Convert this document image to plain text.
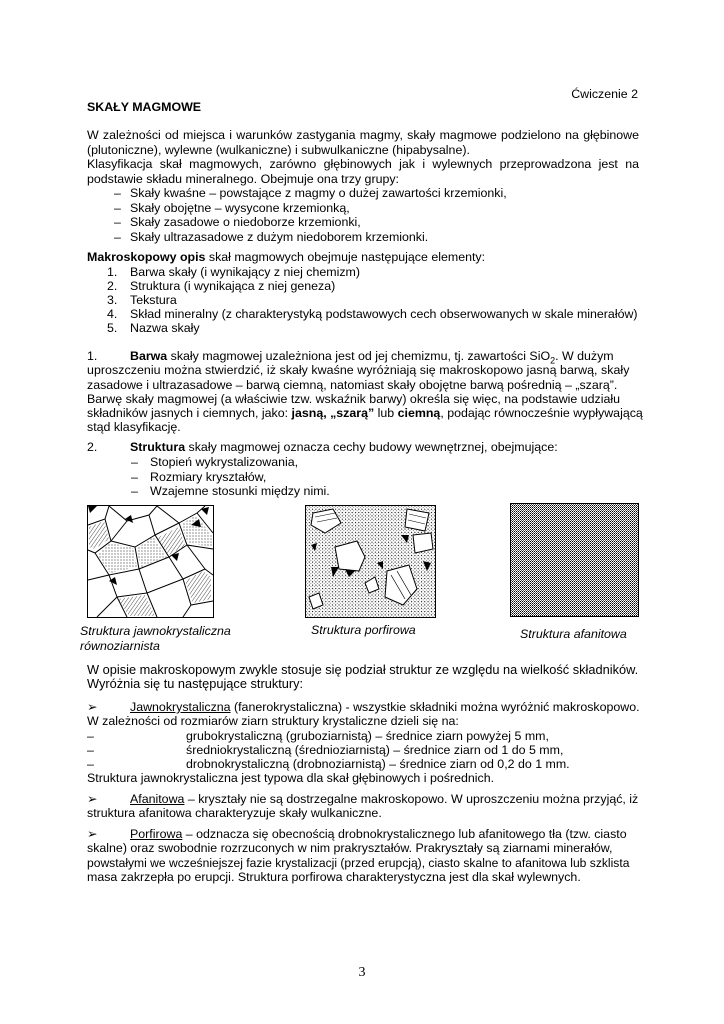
Ćwiczenie 2
SKAŁY MAGMOWE
W zależności od miejsca i warunków zastygania magmy, skały magmowe podzielono na głębinowe (plutoniczne), wylewne (wulkaniczne) i subwulkaniczne (hipabysalne).
Klasyfikacja skał magmowych, zarówno głębinowych jak i wylewnych przeprowadzona jest na podstawie składu mineralnego. Obejmuje ona trzy grupy:
– Skały kwaśne – powstające z magmy o dużej zawartości krzemionki,
– Skały obojętne – wysycone krzemionką,
– Skały zasadowe o niedoborze krzemionki,
– Skały ultrazasadowe z dużym niedoborem krzemionki.
Makroskopowy opis skał magmowych obejmuje następujące elementy:
1. Barwa skały (i wynikający z niej chemizm)
2. Struktura (i wynikająca z niej geneza)
3. Tekstura
4. Skład mineralny (z charakterystyką podstawowych cech obserwowanych w skale minerałów)
5. Nazwa skały
1.	Barwa skały magmowej uzależniona jest od jej chemizmu, tj. zawartości SiO$_2$. W dużym
uproszczeniu można stwierdzić, iż skały kwaśne wyróżniają się makroskopowo jasną barwą, skały
zasadowe i ultrazasadowe – barwą ciemną, natomiast skały obojętne barwą pośrednią – „szarą”.
Barwę skały magmowej (a właściwie tzw. wskaźnik barwy) określa się więc, na podstawie udziału
składników jasnych i ciemnych, jako: jasną, „szarą” lub ciemną, podając równocześnie wypływającą
stąd klasyfikację.
2.	Struktura skały magmowej oznacza cechy budowy wewnętrznej, obejmujące:
– Stopień wykrystalizowania,
– Rozmiary kryształów,
– Wzajemne stosunki między nimi.
Struktura jawnokrystaliczna
równoziarnista
Struktura porfirowa	Struktura afanitowa
W opisie makroskopowym zwykle stosuje się podział struktur ze względu na wielkość składników.
Wyróżnia się tu następujące struktury:
➢	Jawnokrystaliczna (fanerokrystaliczna) - wszystkie składniki można wyróżnić makroskopowo.
W zależności od rozmiarów ziarn struktury krystaliczne dzieli się na:
–	grubokrystaliczną (gruboziarnistą) – średnice ziarn powyżej 5 mm,
–	średniokrystaliczną (średnioziarnistą) – średnice ziarn od 1 do 5 mm,
–	drobnokrystaliczną (drobnoziarnistą) – średnice ziarn od 0,2 do 1 mm.
Struktura jawnokrystaliczna jest typowa dla skał głębinowych i pośrednich.
➢	Afanitowa – kryształy nie są dostrzegalne makroskopowo. W uproszczeniu można przyjąć, iż
struktura afanitowa charakteryzuje skały wulkaniczne.
➢	Porfirowa – odznacza się obecnością drobnokrystalicznego lub afanitowego tła (tzw. ciasto
skalne) oraz swobodnie rozrzuconych w nim prakryształów. Prakryształy są ziarnami minerałów,
powstałymi we wcześniejszej fazie krystalizacji (przed erupcją), ciasto skalne to afanitowa lub szklista
masa zakrzepła po erupcji. Struktura porfirowa charakterystyczna jest dla skał wylewnych.
3
